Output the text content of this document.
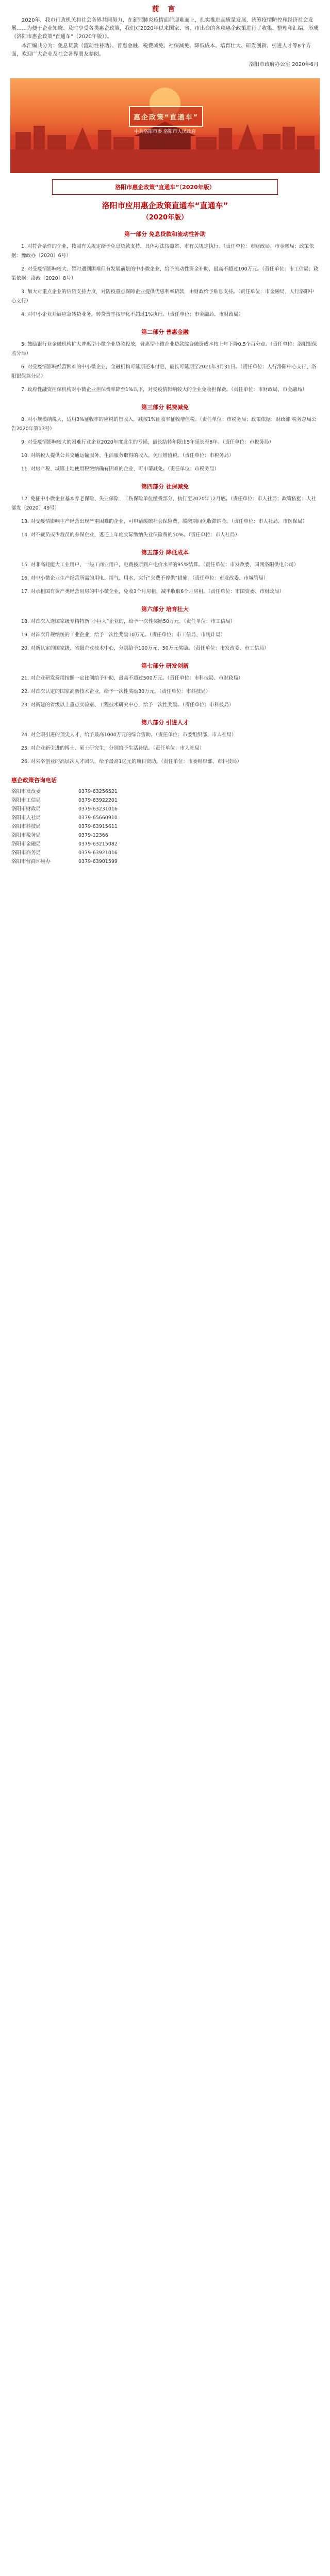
前 言

2020年，我市行政机关和社会各界共同努力，在新冠肺炎疫情面前迎难而上，扎实推进高质量发展，统筹疫情防控和经济社会发展……为便于企业知晓、及时享受各类惠企政策，我们对2020年以来国家、省、市出台的各项惠企政策进行了收集、整理和汇编，形成《洛阳市惠企政策“直通车”（2020年版）》。

本汇编共分为：免息贷款（流动性补助）、普惠金融、税费减免、社保减免、降低成本、培育壮大、研发创新、引进人才等8个方面，欢迎广大企业及社会各界朋友参阅。

洛阳市政府办公室 2020年6月
惠企政策“直通车”
中共洛阳市委 洛阳市人民政府
洛阳市惠企政策“直通车”（2020年版）
洛阳市应用惠企政策直通车“直通车”
（2020年版）
第一部分 免息贷款和流动性补助

1. 对符合条件的企业，按照有关规定给予免息贷款支持，具体办法按照省、市有关规定执行。（责任单位：市财政局、市金融局；政策依据：豫政办〔2020〕6号）

2. 对受疫情影响较大、暂时遇到困难但有发展前景的中小微企业，给予流动性资金补助，最高不超过100万元。（责任单位：市工信局；政策依据：洛政〔2020〕8号）

3. 加大对重点企业的信贷支持力度，对防疫重点保障企业提供优惠利率贷款，由财政给予贴息支持。（责任单位：市金融局、人行洛阳中心支行）

4. 对中小企业开展应急转贷业务，转贷费率按年化不超过1%执行。（责任单位：市金融局、市财政局）

第二部分 普惠金融

5. 鼓励银行业金融机构扩大普惠型小微企业贷款投放，普惠型小微企业贷款综合融资成本较上年下降0.5个百分点。（责任单位：洛阳银保监分局）

6. 对受疫情影响经营困难的中小微企业，金融机构可延期还本付息，最长可延期至2021年3月31日。（责任单位：人行洛阳中心支行、洛阳银保监分局）

7. 政府性融资担保机构对小微企业担保费率降至1%以下，对受疫情影响较大的企业免收担保费。（责任单位：市财政局、市金融局）

第三部分 税费减免

8. 对小规模纳税人，适用3%征收率的应税销售收入，减按1%征收率征收增值税。（责任单位：市税务局；政策依据：财政部 税务总局公告2020年第13号）

9. 对受疫情影响较大的困难行业企业2020年度发生的亏损，最长结转年限由5年延长至8年。（责任单位：市税务局）

10. 对纳税人提供公共交通运输服务、生活服务取得的收入，免征增值税。（责任单位：市税务局）

11. 对房产税、城镇土地使用税缴纳确有困难的企业，可申请减免。（责任单位：市税务局）

第四部分 社保减免

12. 免征中小微企业基本养老保险、失业保险、工伤保险单位缴费部分，执行至2020年12月底。（责任单位：市人社局；政策依据：人社部发〔2020〕49号）

13. 对受疫情影响生产经营出现严重困难的企业，可申请缓缴社会保险费，缓缴期间免收滞纳金。（责任单位：市人社局、市医保局）

14. 对不裁员或少裁员的参保企业，返还上年度实际缴纳失业保险费的50%。（责任单位：市人社局）

第五部分 降低成本

15. 对非高耗能大工业用户、一般工商业用户，电费按原到户电价水平的95%结算。（责任单位：市发改委、国网洛阳供电公司）

16. 对中小微企业生产经营所需的用电、用气、用水，实行“欠费不停供”措施。（责任单位：市发改委、市城管局）

17. 对承租国有资产类经营用房的中小微企业，免收3个月房租，减半收取6个月房租。（责任单位：市国资委、市财政局）

第六部分 培育壮大

18. 对首次入选国家级专精特新“小巨人”企业的，给予一次性奖励50万元。（责任单位：市工信局）

19. 对首次升规纳统的工业企业，给予一次性奖励10万元。（责任单位：市工信局、市统计局）

20. 对新认定的国家级、省级企业技术中心，分别给予100万元、50万元奖励。（责任单位：市发改委、市工信局）

第七部分 研发创新

21. 对企业研发费用按照一定比例给予补助，最高不超过500万元。（责任单位：市科技局、市财政局）

22. 对首次认定的国家高新技术企业，给予一次性奖励30万元。（责任单位：市科技局）

23. 对新建的省级以上重点实验室、工程技术研究中心，给予一次性奖励。（责任单位：市科技局）

第八部分 引进人才

24. 对全职引进的顶尖人才，给予最高1000万元的综合资助。（责任单位：市委组织部、市人社局）

25. 对企业新引进的博士、硕士研究生，分别给予生活补贴。（责任单位：市人社局）

26. 对来洛创业的高层次人才团队，给予最高1亿元的项目资助。（责任单位：市委组织部、市科技局）

惠企政策咨询电话
洛阳市发改委	0379-63256521
洛阳市工信局	0379-63922201
洛阳市财政局	0379-63231016
洛阳市人社局	0379-65660910
洛阳市科技局	0379-63915611
洛阳市税务局	0379-12366
洛阳市金融局	0379-63215082
洛阳市商务局	0379-63921016
洛阳市营商环境办	0379-63901599
